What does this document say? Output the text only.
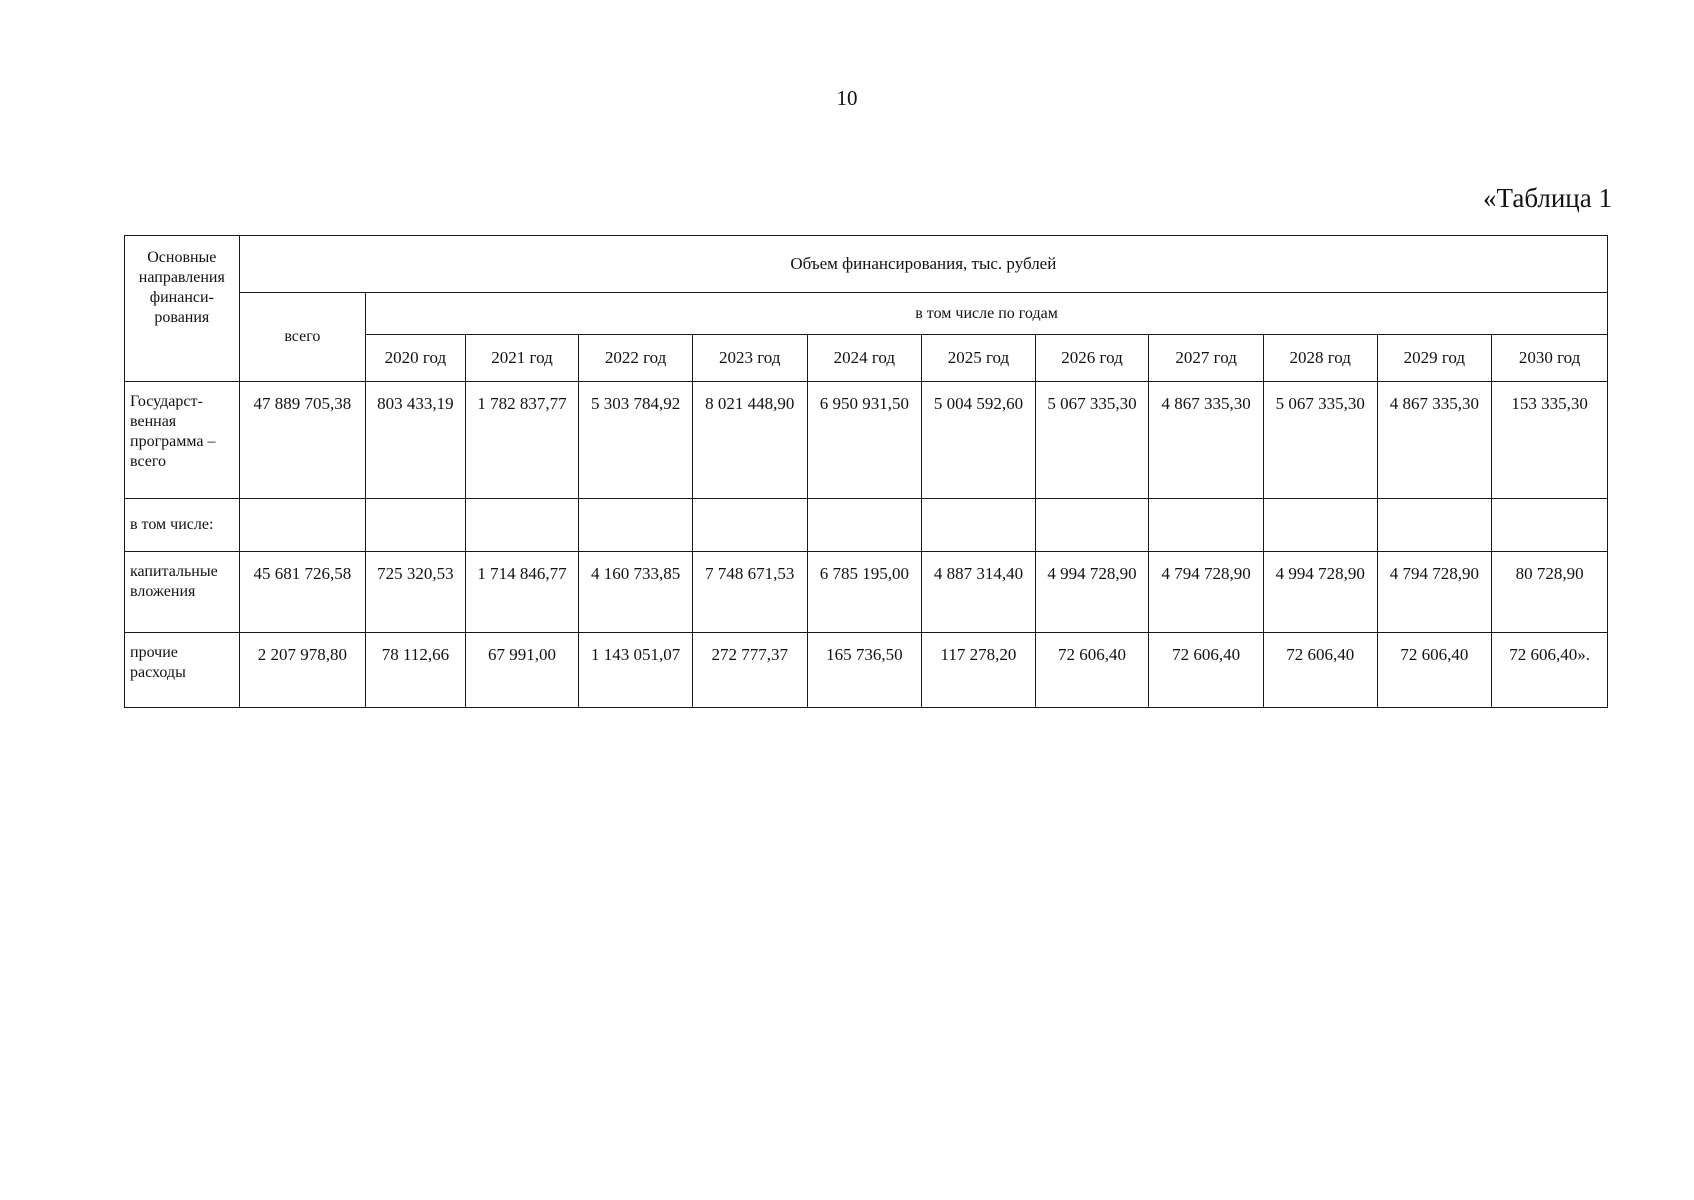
10
«Таблица 1
Основные направления финанси- рования	Объем финансирования, тыс. рублей											
	всего	в том числе по годам										
		2020 год	2021 год	2022 год	2023 год	2024 год	2025 год	2026 год	2027 год	2028 год	2029 год	2030 год
Государст- венная программа – всего	47 889 705,38	803 433,19	1 782 837,77	5 303 784,92	8 021 448,90	6 950 931,50	5 004 592,60	5 067 335,30	4 867 335,30	5 067 335,30	4 867 335,30	153 335,30
в том числе:												
капитальные вложения	45 681 726,58	725 320,53	1 714 846,77	4 160 733,85	7 748 671,53	6 785 195,00	4 887 314,40	4 994 728,90	4 794 728,90	4 994 728,90	4 794 728,90	80 728,90
прочие расходы	2 207 978,80	78 112,66	67 991,00	1 143 051,07	272 777,37	165 736,50	117 278,20	72 606,40	72 606,40	72 606,40	72 606,40	72 606,40».
